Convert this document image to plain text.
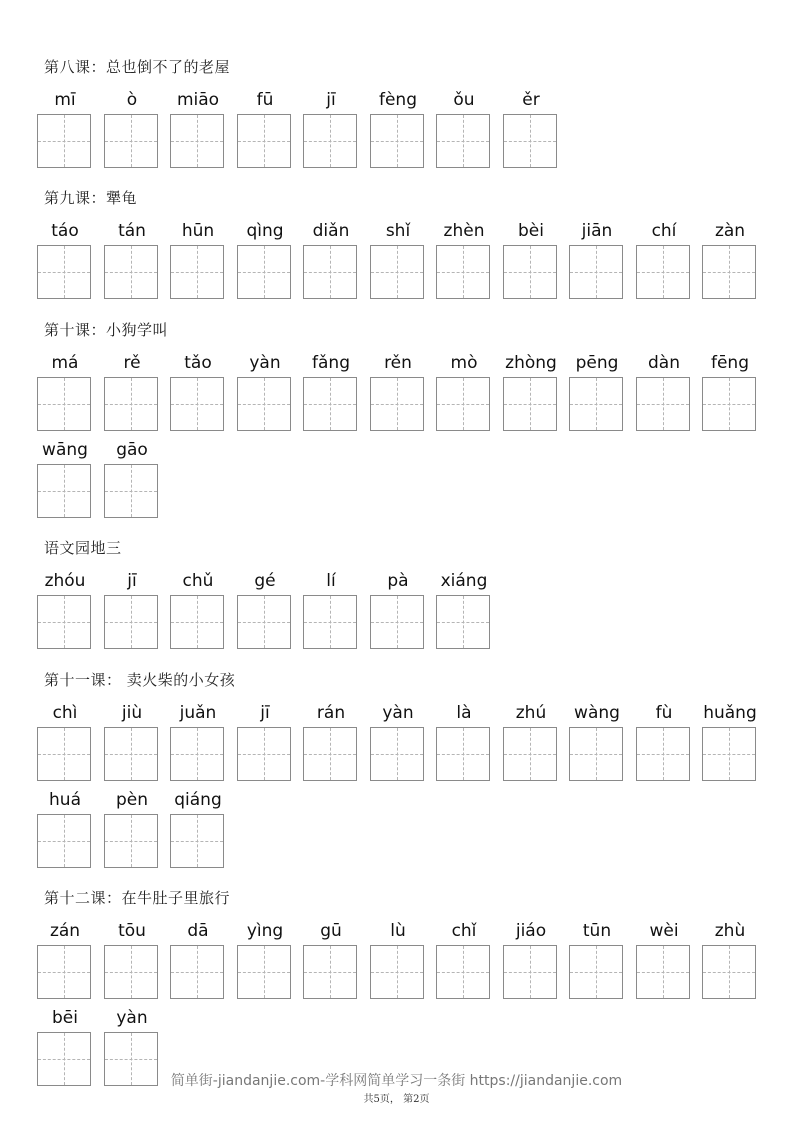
第八课：总也倒不了的老屋
mī	ò	miāo	fū	jī	fèng	ǒu	ěr
第九课：犟龟
táo	tán	hūn	qìng	diǎn	shǐ	zhèn	bèi	jiān	chí	zàn
第十课：小狗学叫
má	rě	tǎo	yàn	fǎng	rěn	mò	zhòng	pēng	dàn	fēng
wāng	gāo
语文园地三
zhóu	jī	chǔ	gé	lí	pà	xiáng
第十一课： 卖火柴的小女孩
chì	jiù	juǎn	jī	rán	yàn	là	zhú	wàng	fù	huǎng
huá	pèn	qiáng
第十二课：在牛肚子里旅行
zán	tōu	dā	yìng	gū	lù	chǐ	jiáo	tūn	wèi	zhù
bēi	yàn
简单街-jiandanjie.com-学科网简单学习一条街 https://jiandanjie.com
共5页， 第2页
